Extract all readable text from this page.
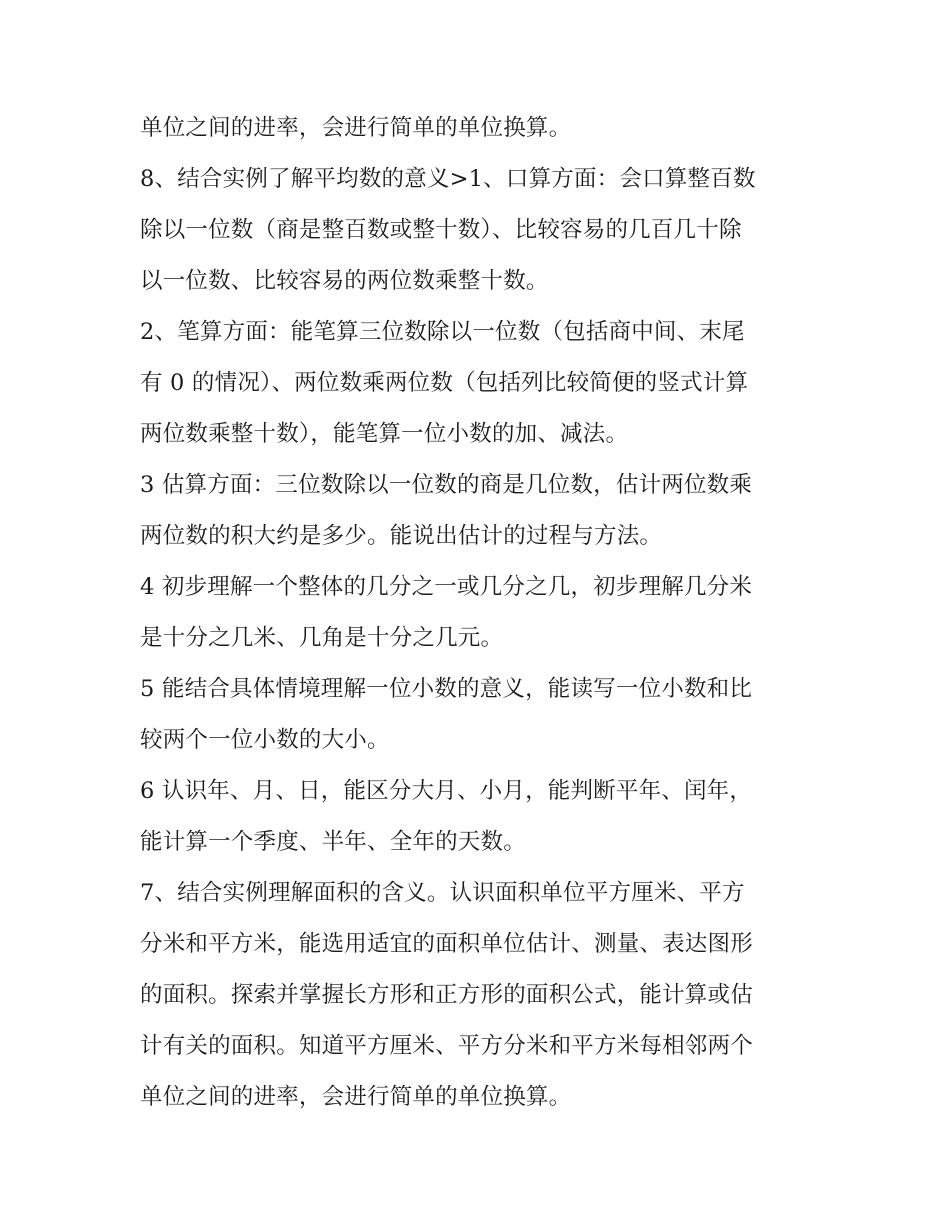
单位之间的进率，会进行简单的单位换算。
8、结合实例了解平均数的意义>1、口算方面：会口算整百数
除以一位数（商是整百数或整十数）、比较容易的几百几十除
以一位数、比较容易的两位数乘整十数。
2、笔算方面：能笔算三位数除以一位数（包括商中间、末尾
有 0 的情况）、两位数乘两位数（包括列比较简便的竖式计算
两位数乘整十数），能笔算一位小数的加、减法。
3 估算方面：三位数除以一位数的商是几位数，估计两位数乘
两位数的积大约是多少。能说出估计的过程与方法。
4 初步理解一个整体的几分之一或几分之几，初步理解几分米
是十分之几米、几角是十分之几元。
5 能结合具体情境理解一位小数的意义，能读写一位小数和比
较两个一位小数的大小。
6 认识年、月、日，能区分大月、小月，能判断平年、闰年，
能计算一个季度、半年、全年的天数。
7、结合实例理解面积的含义。认识面积单位平方厘米、平方
分米和平方米，能选用适宜的面积单位估计、测量、表达图形
的面积。探索并掌握长方形和正方形的面积公式，能计算或估
计有关的面积。知道平方厘米、平方分米和平方米每相邻两个
单位之间的进率，会进行简单的单位换算。
